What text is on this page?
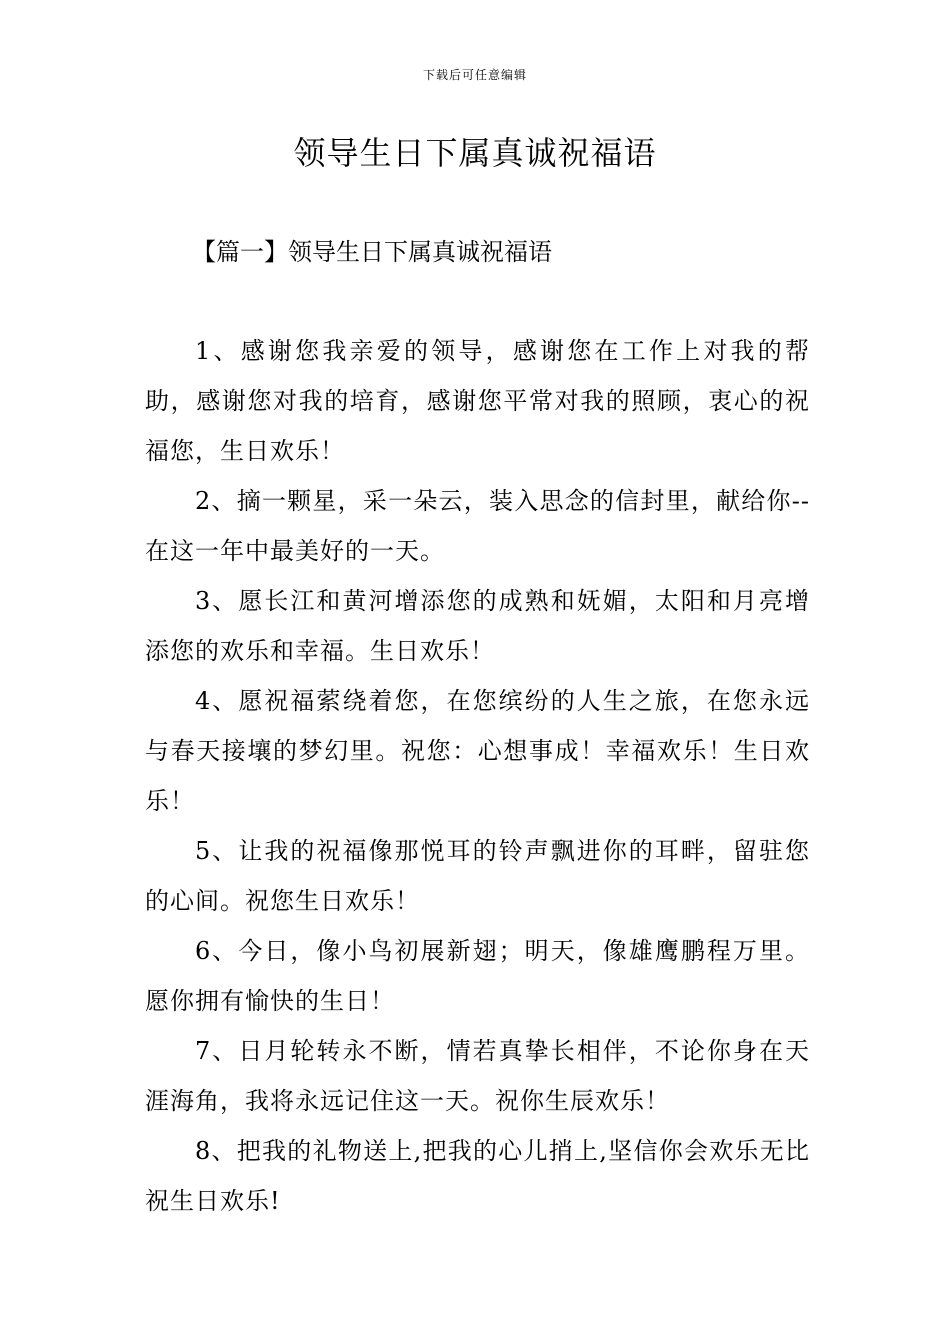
下载后可任意编辑
领导生日下属真诚祝福语
【篇一】领导生日下属真诚祝福语

1、感谢您我亲爱的领导，感谢您在工作上对我的帮助，感谢您对我的培育，感谢您平常对我的照顾，衷心的祝福您，生日欢乐！

2、摘一颗星，采一朵云，装入思念的信封里，献给你--在这一年中最美好的一天。

3、愿长江和黄河增添您的成熟和妩媚，太阳和月亮增添您的欢乐和幸福。生日欢乐！

4、愿祝福萦绕着您，在您缤纷的人生之旅，在您永远与春天接壤的梦幻里。祝您：心想事成！幸福欢乐！生日欢乐！

5、让我的祝福像那悦耳的铃声飘进你的耳畔，留驻您的心间。祝您生日欢乐！

6、今日，像小鸟初展新翅；明天，像雄鹰鹏程万里。愿你拥有愉快的生日！

7、日月轮转永不断，情若真挚长相伴，不论你身在天涯海角，我将永远记住这一天。祝你生辰欢乐！

8、把我的礼物送上,把我的心儿捎上,坚信你会欢乐无比祝生日欢乐!
